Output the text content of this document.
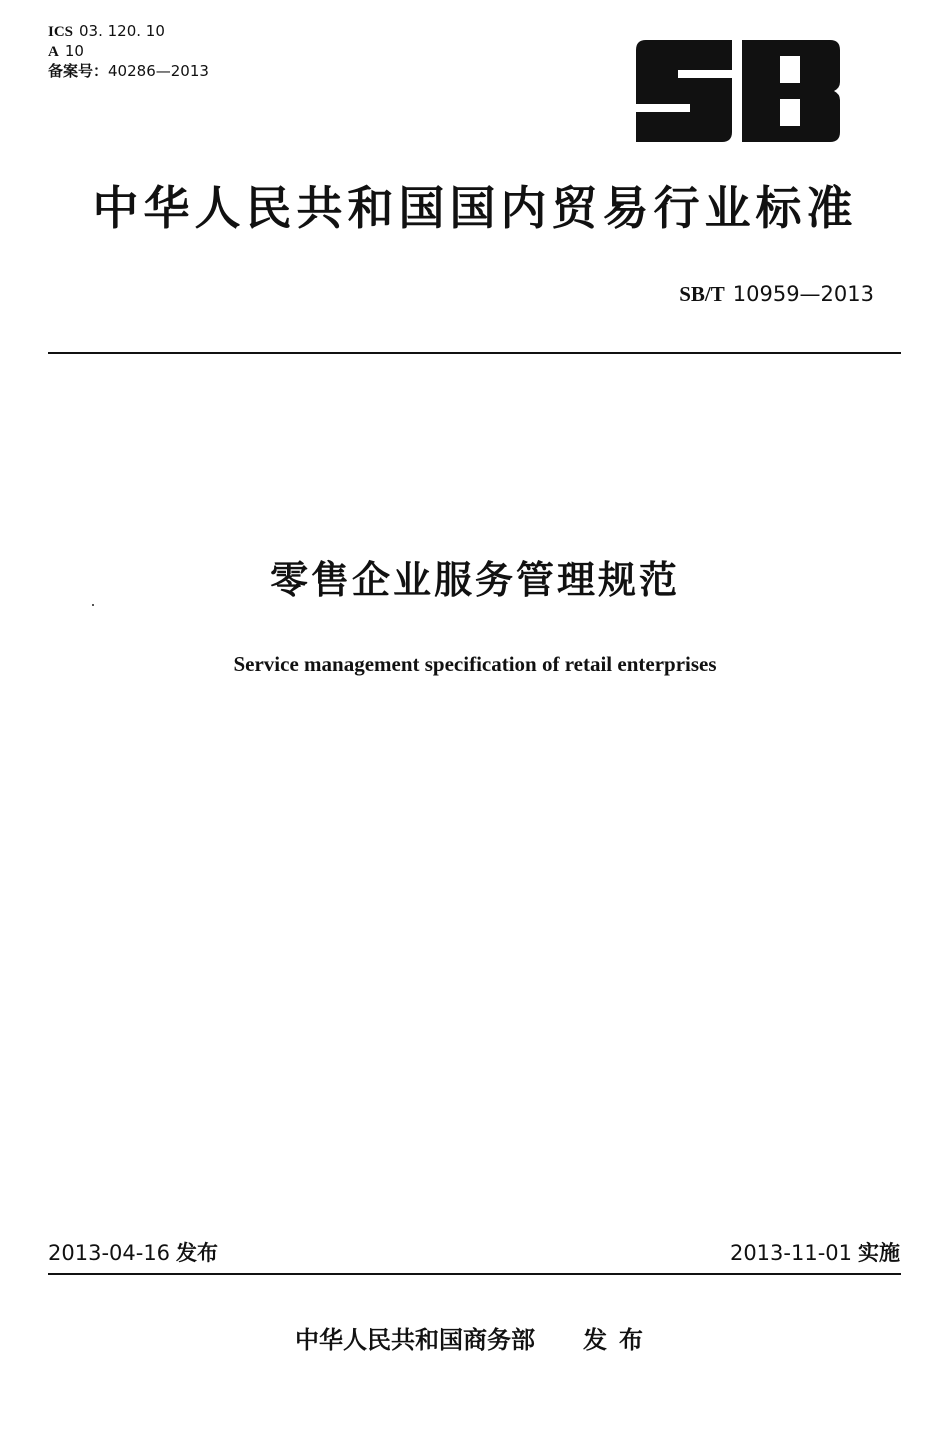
ICS 03. 120. 10
A 10
备案号：40286—2013
中华人民共和国国内贸易行业标准
SB/T 10959—2013
零售企业服务管理规范
Service management specification of retail enterprises
2013-04-16 发布	2013-11-01 实施
中华人民共和国商务部 发布
